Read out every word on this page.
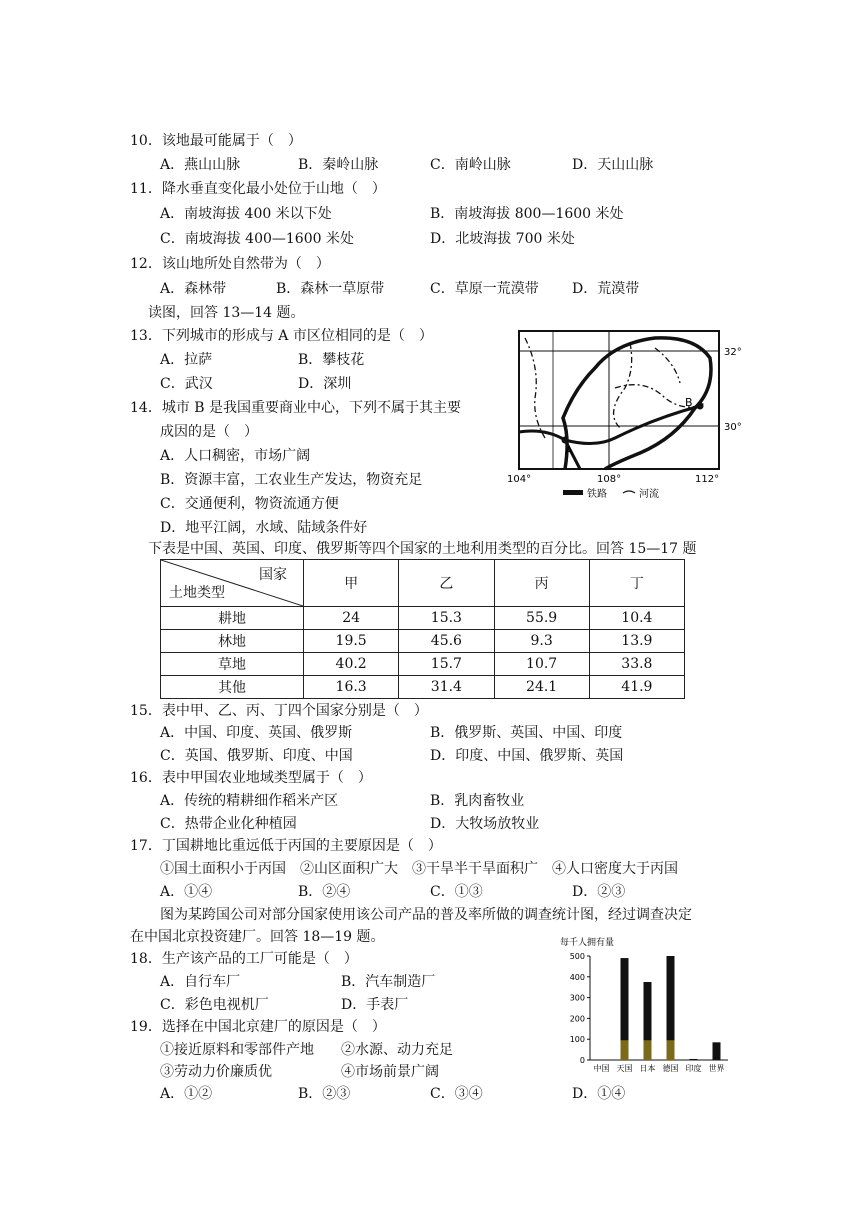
10．该地最可能属于（　）
A．燕山山脉	B．秦岭山脉	C．南岭山脉	D．天山山脉
11．降水垂直变化最小处位于山地（　）
A．南坡海拔 400 米以下处	B．南坡海拔 800—1600 米处
C．南坡海拔 400—1600 米处	D．北坡海拔 700 米处
12．该山地所处自然带为（　）
A．森林带	B．森林一草原带	C．草原一荒漠带 D．荒漠带
读图，回答 13—14 题。
13．下列城市的形成与 A 市区位相同的是（　）
A．拉萨	B．攀枝花
C．武汉	D．深圳
14．城市 B 是我国重要商业中心，下列不属于其主要
成因的是（　）
A．人口稠密，市场广阔
B．资源丰富，工农业生产发达，物资充足
C．交通便利，物资流通方便
D．地平江阔，水域、陆域条件好
A
B
32°
30°
104°	108°	112°
铁路	河流
下表是中国、英国、印度、俄罗斯等四个国家的土地利用类型的百分比。回答 15—17 题
国家
土地类型	甲	乙	丙	丁
耕地	24	15.3	55.9	10.4
林地	19.5	45.6	9.3	13.9
草地	40.2	15.7	10.7	33.8
其他	16.3	31.4	24.1	41.9
15．表中甲、乙、丙、丁四个国家分别是（　）
A．中国、印度、英国、俄罗斯	B．俄罗斯、英国、中国、印度
C．英国、俄罗斯、印度、中国	D．印度、中国、俄罗斯、英国
16．表中甲国农业地域类型属于（　）
A．传统的精耕细作稻米产区	B．乳肉畜牧业
C．热带企业化种植园	D．大牧场放牧业
17．丁国耕地比重远低于丙国的主要原因是（　）
①国土面积小于丙国　②山区面积广大　③干旱半干旱面积广　④人口密度大于丙国
A．①④	B．②④	C．①③	D．②③
图为某跨国公司对部分国家使用该公司产品的普及率所做的调查统计图，经过调查决定
在中国北京投资建厂。回答 18—19 题。
18．生产该产品的工厂可能是（　）
A．自行车厂	B．汽车制造厂
C．彩色电视机厂	D．手表厂
19．选择在中国北京建厂的原因是（　）
①接近原料和零部件产地 ②水源、动力充足
③劳动力价廉质优	④市场前景广阔
A．①②	B．②③	C．③④	D．①④
每千人拥有量
0
100
200
300
400
500
中国 天国 日本 德国 印度 世界
